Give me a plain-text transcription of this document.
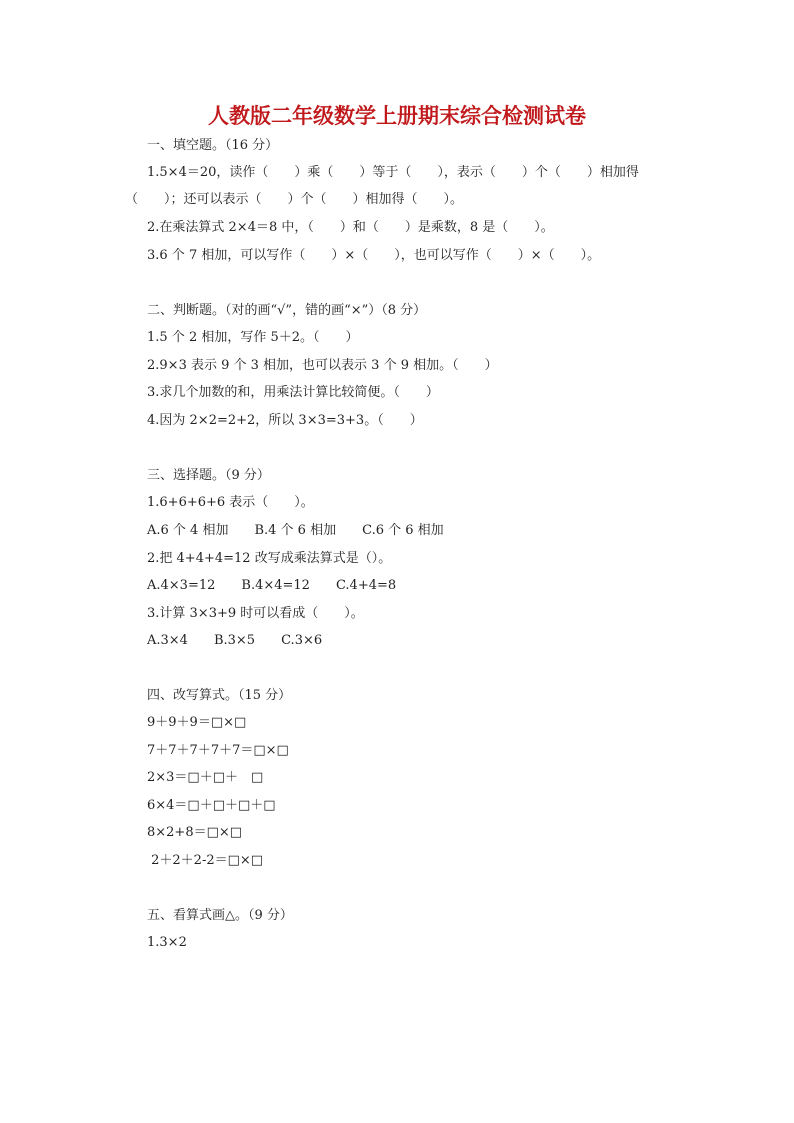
人教版二年级数学上册期末综合检测试卷

一、填空题。（16 分）

1.5×4＝20，读作（　　）乘（　　）等于（　　），表示（　　）个（　　）相加得

（　　）；还可以表示（　　）个（　　）相加得（　　）。

2.在乘法算式 2×4＝8 中，（　　）和（　　）是乘数，8 是（　　）。

3.6 个 7 相加，可以写作（　　）×（　　），也可以写作（　　）×（　　）。

二、判断题。（对的画“√”，错的画“×”）（8 分）

1.5 个 2 相加，写作 5＋2。（　　）

2.9×3 表示 9 个 3 相加，也可以表示 3 个 9 相加。（　　）

3.求几个加数的和，用乘法计算比较简便。（　　）

4.因为 2×2=2+2，所以 3×3=3+3。（　　）

三、选择题。（9 分）

1.6+6+6+6 表示（　　）。

A.6 个 4 相加　　B.4 个 6 相加　　C.6 个 6 相加

2.把 4+4+4=12 改写成乘法算式是（）。

A.4×3=12　　B.4×4=12　　C.4+4=8

3.计算 3×3+9 时可以看成（　　）。

A.3×4　　B.3×5　　C.3×6

四、改写算式。（15 分）

9＋9＋9＝□×□

7＋7＋7＋7＋7＝□×□

2×3＝□＋□＋　□

6×4＝□＋□＋□＋□

8×2+8＝□×□

2＋2＋2-2＝□×□

五、看算式画△。（9 分）

1.3×2
